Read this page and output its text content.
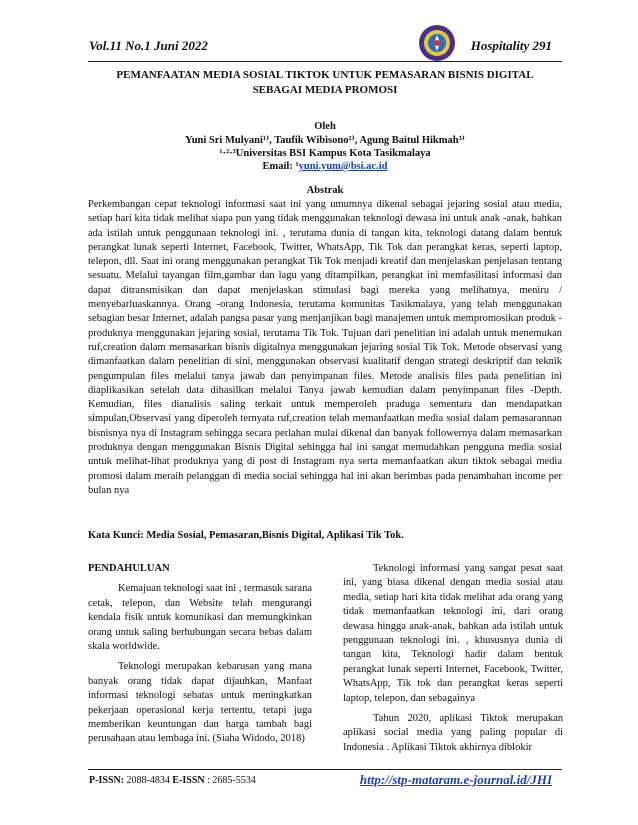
Vol.11 No.1 Juni 2022	Hospitality 291
PEMANFAATAN MEDIA SOSIAL TIKTOK UNTUK PEMASARAN BISNIS DIGITAL
SEBAGAI MEDIA PROMOSI
Oleh
Yuni Sri Mulyani¹⁾, Taufik Wibisono²⁾, Agung Baitul Hikmah³⁾
¹·²·³Universitas BSI Kampus Kota Tasikmalaya
Email: ¹yuni.yum@bsi.ac.id
Abstrak
Perkembangan cepat teknologi informasi saat ini yang umumnya dikenal sebagai jejaring sosial atau media, setiap hari kita tidak melihat siapa pun yang tidak menggunakan teknologi dewasa ini untuk anak -anak, bahkan ada istilah untuk penggunaan teknologi ini. , terutama dunia di tangan kita, teknologi datang dalam bentuk perangkat lunak seperti Internet, Facebook, Twitter, WhatsApp, Tik Tok dan perangkat keras, seperti laptop, telepon, dll. Saat ini orang menggunakan perangkat Tik Tok menjadi kreatif dan menjelaskan penjelasan tentang sesuatu. Melalui tayangan film,gambar dan lagu yang ditampilkan, perangkat ini memfasilitasi informasi dan dapat ditransmisikan dan dapat menjelaskan stimulasi bagi mereka yang melihatnya, meniru / menyebarluaskannya. Orang -orang Indonesia, terutama komunitas Tasikmalaya, yang telah menggunakan sebagian besar Internet, adalah pangsa pasar yang menjanjikan bagi manajemen untuk mempromosikan produk -produknya menggunakan jejaring sosial, terutama Tik Tok. Tujuan dari penelitian ini adalah untuk menemukan ruf,creation dalam memasarkan bisnis digitalnya menggunakan jejaring sosial Tik Tok. Metode observasi yang dimanfaatkan dalam penelitian di sini, menggunakan observasi kualitatif dengan strategi deskriptif dan teknik pengumpulan files melalui tanya jawab dan penyimpanan files. Metode analisis files pada penelitian ini diaplikasikan setelah data dihasilkan melalui Tanya jawab kemudian dalam penyimpanan files -Depth. Kemudian, files dianalisis saling terkait untuk memperoleh praduga sementara dan mendapatkan simpulan,Observasi yang diperoleh ternyata ruf,creation telah memanfaatkan media sosial dalam pemasarannan bisnisnya nya di Instagram sehingga secara perlahan mulai dikenal dan banyak followernya dalam memasarkan produknya dengan menggunakan Bisnis Digital sehingga hal ini sangat memudahkan pengguna media sosial untuk melihat-lihat produknya yang di post di Instagram nya serta memanfaatkan akun tiktok sebagai media promosi dalam meraih pelanggan di media social sehingga hal ini akan berimbas pada penambahan income per bulan nya
Kata Kunci: Media Sosial, Pemasaran,Bisnis Digital, Aplikasi Tik Tok.

PENDAHULUAN

Kemajuan teknologi saat ini , termasuk sarana cetak, telepon, dan Website telah mengurangi kendala fisik untuk komunikasi dan memungkinkan orang untuk saling berhubungan secara bebas dalam skala worldwide.

Teknologi merupakan kebarusan yang mana banyak orang tidak dapat dijauhkan, Manfaat informasi teknologi sebatas untuk meningkatkan pekerjaan operasional kerja tertentu, tetapi juga memberikan keuntungan dan harga tambah bagi perusahaan atau lembaga ini. (Siaha Widodo, 2018)

Teknologi informasi yang sangat pesat saat ini, yang biasa dikenal dengan media sosial atau media, setiap hari kita tidak melihat ada orang yang tidak memanfaatkan teknologi ini, dari orang dewasa hingga anak-anak, bahkan ada istilah untuk penggunaan teknologi ini. , khususnya dunia di tangan kita, Teknologi hadir dalam bentuk perangkat lunak seperti Internet, Facebook, Twitter, WhatsApp, Tik tok dan perangkat keras seperti laptop, telepon, dan sebagainya

Tahun 2020, aplikasi Tiktok merupakan aplikasi social media yang paling popular di Indonesia . Aplikasi Tiktok akhirnya diblokir

P-ISSN: 2088-4834 E-ISSN : 2685-5534	http://stp-mataram.e-journal.id/JHI
